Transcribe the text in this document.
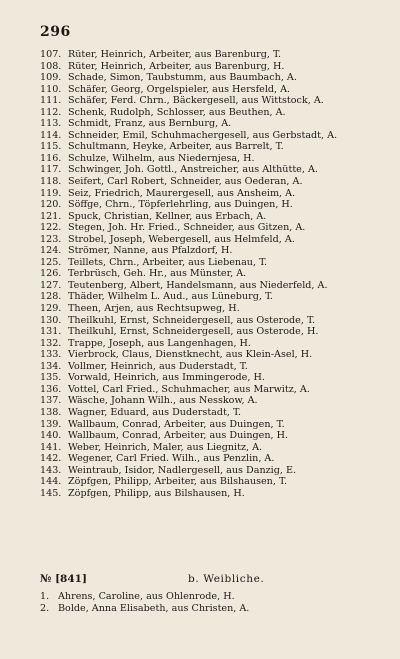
296
107. Rüter, Heinrich, Arbeiter, aus Barenburg, T.
108. Rüter, Heinrich, Arbeiter, aus Barenburg, H.
109. Schade, Simon, Taubstumm, aus Baumbach, A.
110. Schäfer, Georg, Orgelspieler, aus Hersfeld, A.
111. Schäfer, Ferd. Chrn., Bäckergesell, aus Wittstock, A.
112. Schenk, Rudolph, Schlosser, aus Beuthen, A.
113. Schmidt, Franz, aus Bernburg, A.
114. Schneider, Emil, Schuhmachergesell, aus Gerbstadt, A.
115. Schultmann, Heyke, Arbeiter, aus Barrelt, T.
116. Schulze, Wilhelm, aus Niedernjesa, H.
117. Schwinger, Joh. Gottl., Anstreicher, aus Althütte, A.
118. Seifert, Carl Robert, Schneider, aus Oederan, A.
119. Seiz, Friedrich, Maurergesell, aus Ansheim, A.
120. Söffge, Chrn., Töpferlehrling, aus Duingen, H.
121. Spuck, Christian, Kellner, aus Erbach, A.
122. Stegen, Joh. Hr. Fried., Schneider, aus Gitzen, A.
123. Strobel, Joseph, Webergesell, aus Helmfeld, A.
124. Strömer, Nanne, aus Pfalzdorf, H.
125. Teillets, Chrn., Arbeiter, aus Liebenau, T.
126. Terbrüsch, Geh. Hr., aus Münster, A.
127. Teutenberg, Albert, Handelsmann, aus Niederfeld, A.
128. Thäder, Wilhelm L. Aud., aus Lüneburg, T.
129. Theen, Arjen, aus Rechtsupweg, H.
130. Theilkuhl, Ernst, Schneidergesell, aus Osterode, T.
131. Theilkuhl, Ernst, Schneidergesell, aus Osterode, H.
132. Trappe, Joseph, aus Langenhagen, H.
133. Vierbrock, Claus, Dienstknecht, aus Klein-Asel, H.
134. Vollmer, Heinrich, aus Duderstadt, T.
135. Vorwald, Heinrich, aus Immingerode, H.
136. Vottel, Carl Fried., Schuhmacher, aus Marwitz, A.
137. Wäsche, Johann Wilh., aus Nesskow, A.
138. Wagner, Eduard, aus Duderstadt, T.
139. Wallbaum, Conrad, Arbeiter, aus Duingen, T.
140. Wallbaum, Conrad, Arbeiter, aus Duingen, H.
141. Weber, Heinrich, Maler, aus Liegnitz, A.
142. Wegener, Carl Fried. Wilh., aus Penzlin, A.
143. Weintraub, Isidor, Nadlergesell, aus Danzig, E.
144. Zöpfgen, Philipp, Arbeiter, aus Bilshausen, T.
145. Zöpfgen, Philipp, aus Bilshausen, H.
№ [841]	b. Weibliche.
1. Ahrens, Caroline, aus Ohlenrode, H.
2. Bolde, Anna Elisabeth, aus Christen, A.
